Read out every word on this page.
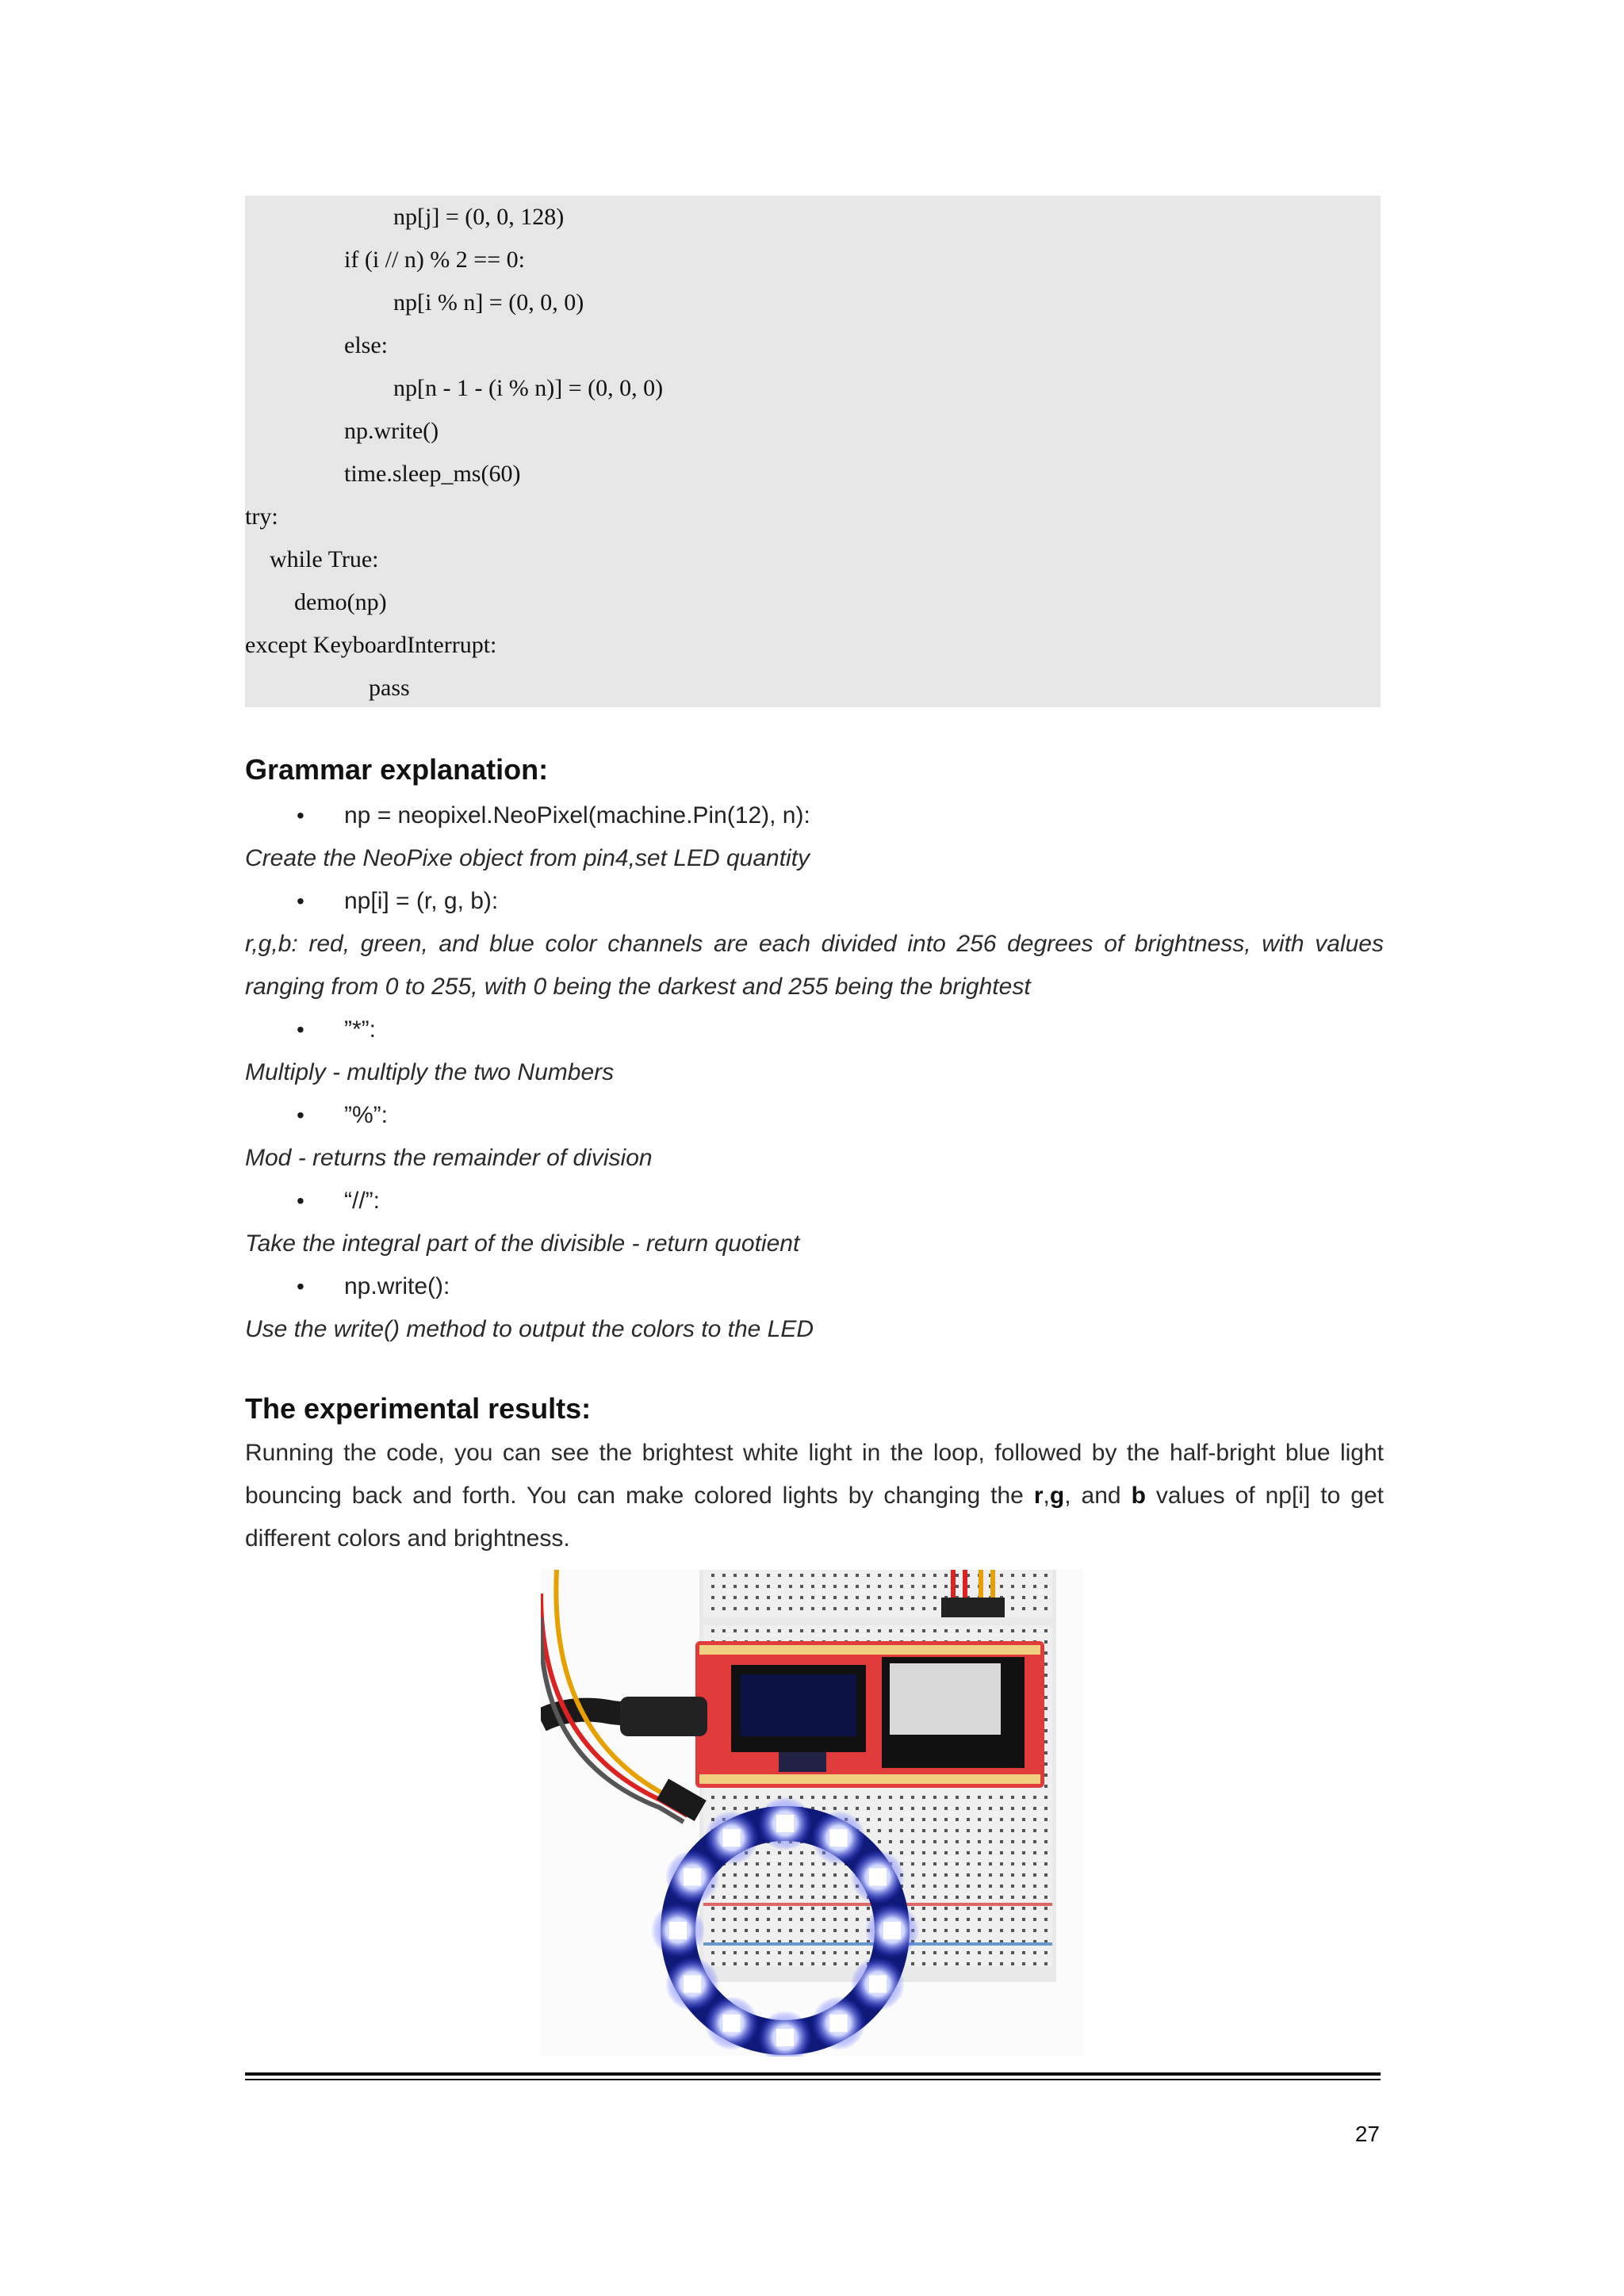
np[j] = (0, 0, 128)
if (i // n) % 2 == 0:
np[i % n] = (0, 0, 0)
else:
np[n - 1 - (i % n)] = (0, 0, 0)
np.write()
time.sleep_ms(60)
try:
while True:
demo(np)
except KeyboardInterrupt:
pass
Grammar explanation:
• np = neopixel.NeoPixel(machine.Pin(12), n):
Create the NeoPixe object from pin4,set LED quantity
• np[i] = (r, g, b):
r,g,b: red, green, and blue color channels are each divided into 256 degrees of brightness, with values ranging from 0 to 255, with 0 being the darkest and 255 being the brightest
• ”*”:
Multiply - multiply the two Numbers
• ”%”:
Mod - returns the remainder of division
• “//”:
Take the integral part of the divisible - return quotient
• np.write():
Use the write() method to output the colors to the LED
The experimental results:
Running the code, you can see the brightest white light in the loop, followed by the half-bright blue light bouncing back and forth. You can make colored lights by changing the r,g, and b values of np[i] to get different colors and brightness.
27
